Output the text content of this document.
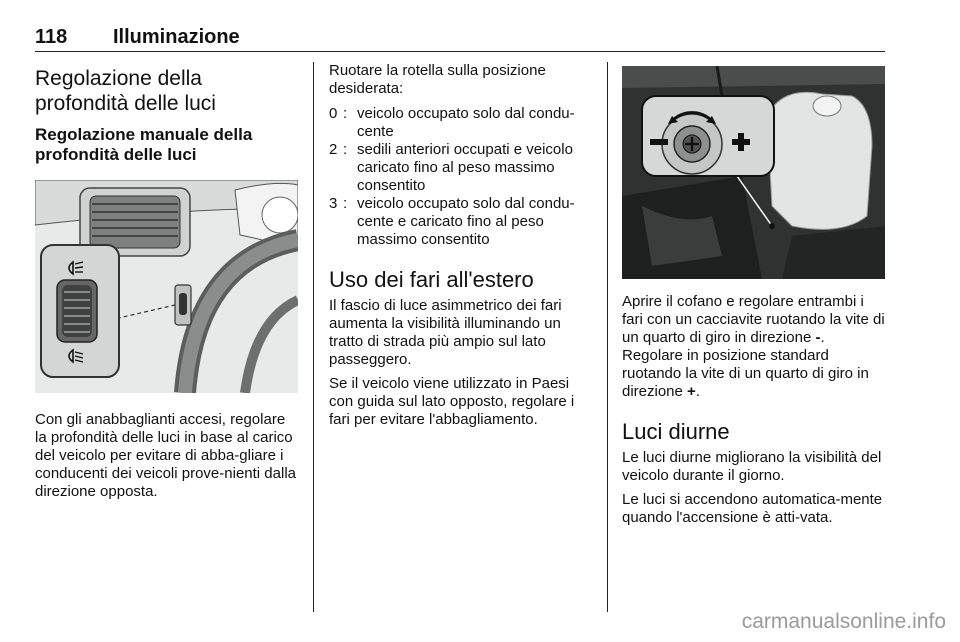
118 Illuminazione
Regolazione della profondità delle luci
Regolazione manuale della profondità delle luci

Con gli anabbaglianti accesi, regolare la profondità delle luci in base al carico del veicolo per evitare di abba-gliare i conducenti dei veicoli prove-nienti dalla direzione opposta.

Ruotare la rotella sulla posizione desiderata:

0 : veicolo occupato solo dal condu-cente
2 : sedili anteriori occupati e veicolo caricato fino al peso massimo consentito
3 : veicolo occupato solo dal condu-cente e caricato fino al peso massimo consentito
Uso dei fari all'estero

Il fascio di luce asimmetrico dei fari aumenta la visibilità illuminando un tratto di strada più ampio sul lato passeggero.

Se il veicolo viene utilizzato in Paesi con guida sul lato opposto, regolare i fari per evitare l'abbagliamento.

Aprire il cofano e regolare entrambi i fari con un cacciavite ruotando la vite di un quarto di giro in direzione -. Regolare in posizione standard ruotando la vite di un quarto di giro in direzione +.

Luci diurne

Le luci diurne migliorano la visibilità del veicolo durante il giorno.

Le luci si accendono automatica-mente quando l'accensione è atti-vata.

carmanualsonline.info
